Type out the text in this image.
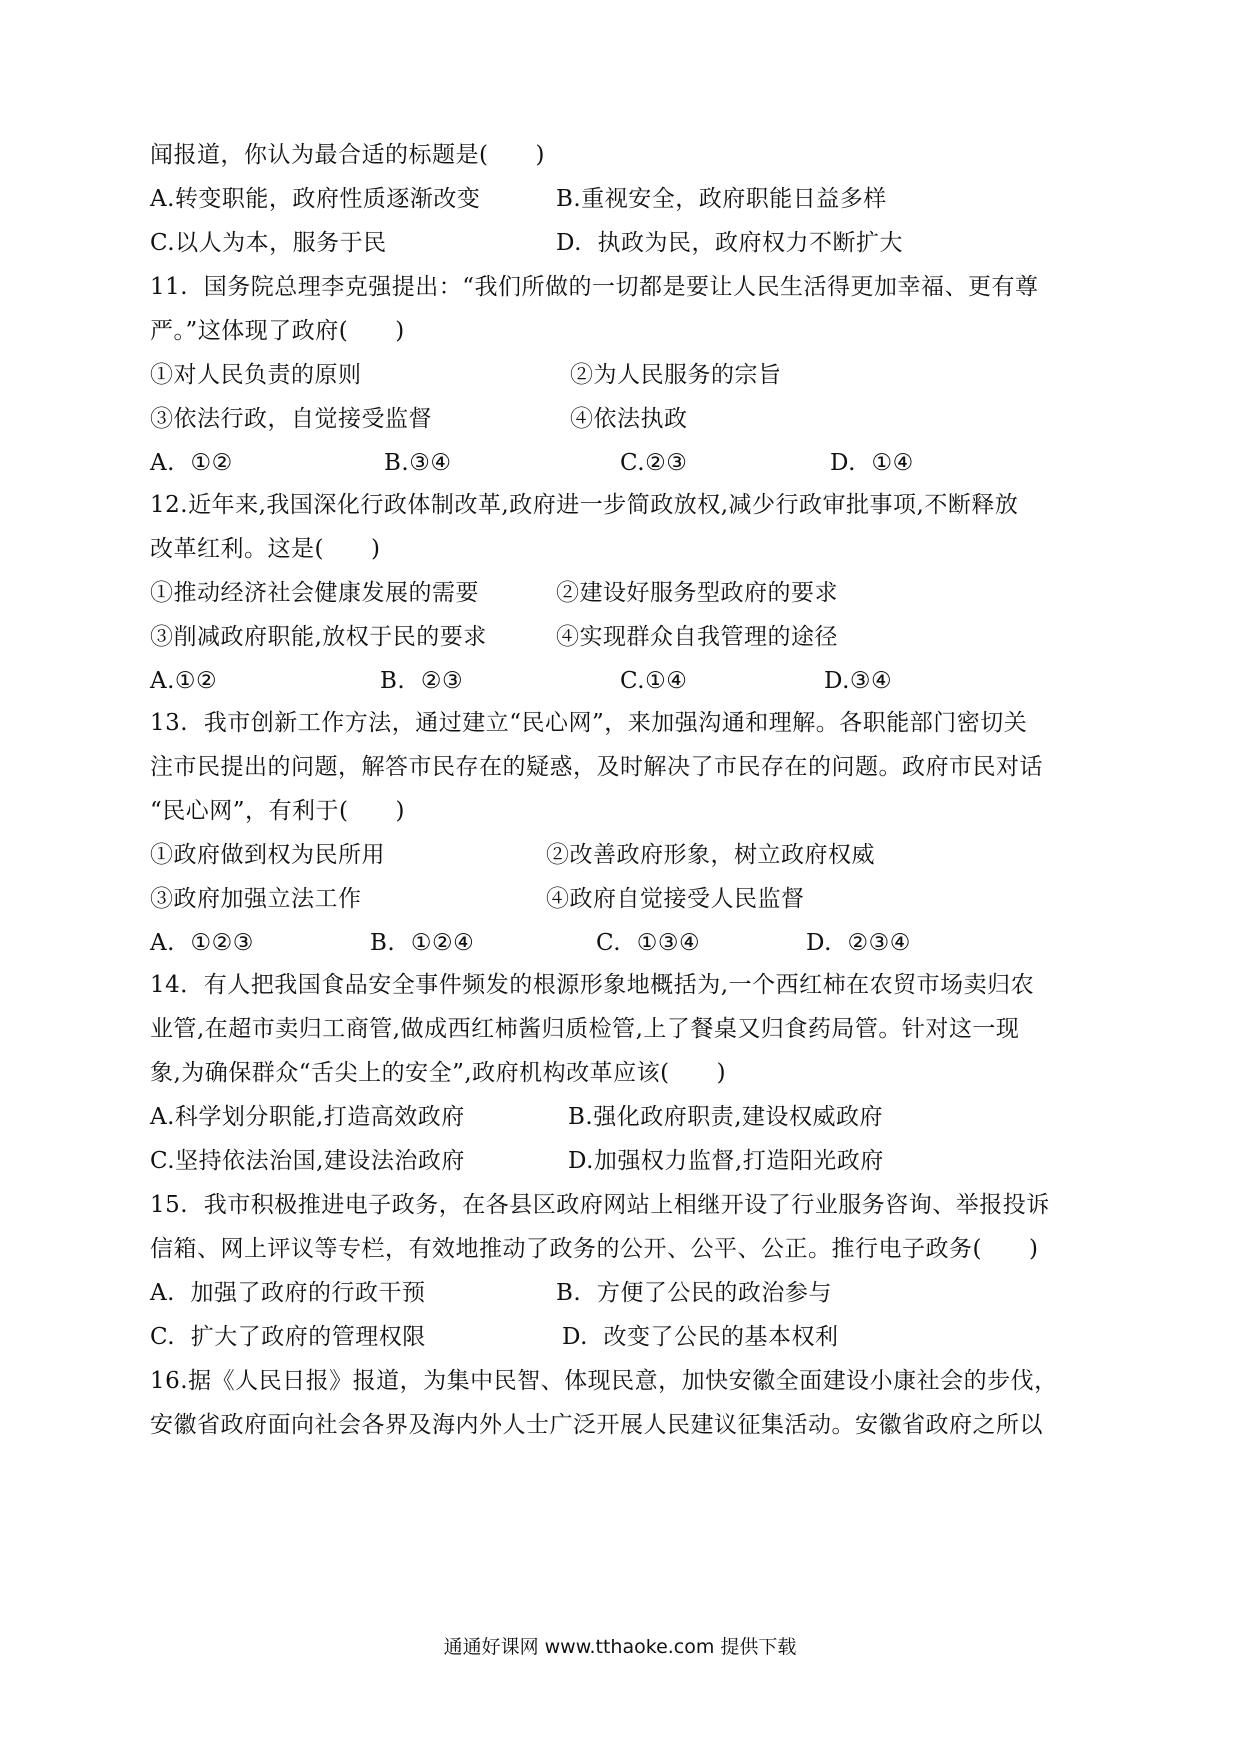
闻报道，你认为最合适的标题是(　　)
A.转变职能，政府性质逐渐改变	B.重视安全，政府职能日益多样
C.以人为本，服务于民	D.  执政为民，政府权力不断扩大
11.  国务院总理李克强提出：“我们所做的一切都是要让人民生活得更加幸福、更有尊
严。”这体现了政府(　　)
①对人民负责的原则	②为人民服务的宗旨
③依法行政，自觉接受监督	④依法执政
A.  ①②	B.③④	C.②③	D.  ①④
12.近年来,我国深化行政体制改革,政府进一步简政放权,减少行政审批事项,不断释放
改革红利。这是(　　)
①推动经济社会健康发展的需要	②建设好服务型政府的要求
③削减政府职能,放权于民的要求	④实现群众自我管理的途径
A.①②	B.  ②③	C.①④	D.③④
13.  我市创新工作方法，通过建立“民心网”，来加强沟通和理解。各职能部门密切关
注市民提出的问题，解答市民存在的疑惑，及时解决了市民存在的问题。政府市民对话
“民心网”，有利于(　　)
①政府做到权为民所用	②改善政府形象，树立政府权威
③政府加强立法工作	④政府自觉接受人民监督
A.  ①②③	B.  ①②④	C.  ①③④	D.  ②③④
14．有人把我国食品安全事件频发的根源形象地概括为,一个西红柿在农贸市场卖归农
业管,在超市卖归工商管,做成西红柿酱归质检管,上了餐桌又归食药局管。针对这一现
象,为确保群众“舌尖上的安全”,政府机构改革应该(　　)
A.科学划分职能,打造高效政府	B.强化政府职责,建设权威政府
C.坚持依法治国,建设法治政府	D.加强权力监督,打造阳光政府
15.  我市积极推进电子政务，在各县区政府网站上相继开设了行业服务咨询、举报投诉
信箱、网上评议等专栏，有效地推动了政务的公开、公平、公正。推行电子政务(　　)
A.  加强了政府的行政干预	B.  方便了公民的政治参与
C.  扩大了政府的管理权限	D.  改变了公民的基本权利
16.据《人民日报》报道，为集中民智、体现民意，加快安徽全面建设小康社会的步伐，
安徽省政府面向社会各界及海内外人士广泛开展人民建议征集活动。安徽省政府之所以
通通好课网 www.tthaoke.com 提供下载
